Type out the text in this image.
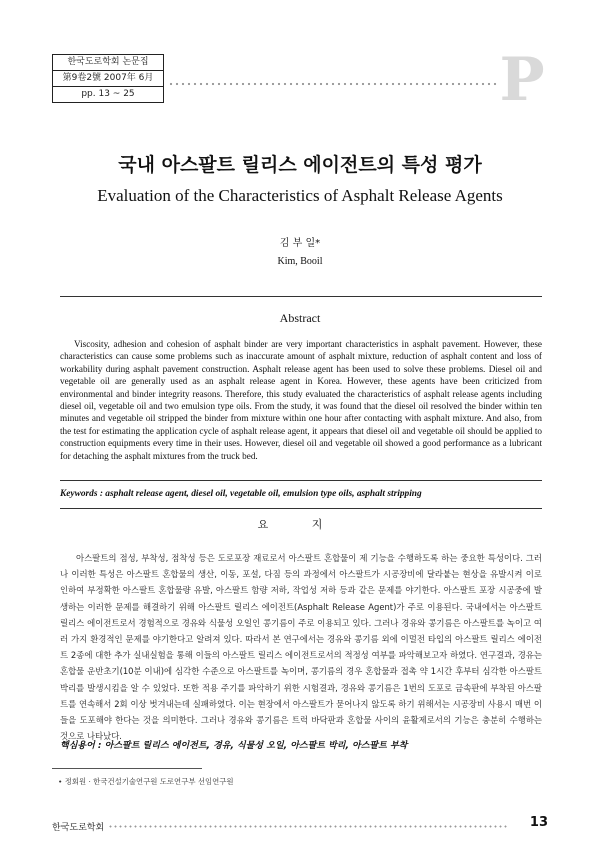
한국도로학회 논문집
第9卷2號 2007年 6月
pp. 13 ~ 25	P
국내 아스팔트 릴리스 에이전트의 특성 평가
Evaluation of the Characteristics of Asphalt Release Agents
김 부 일*
Kim, Booil
Abstract

Viscosity, adhesion and cohesion of asphalt binder are very important characteristics in asphalt pavement. However, these characteristics can cause some problems such as inaccurate amount of asphalt mixture, reduction of asphalt content and loss of workability during asphalt pavement construction. Asphalt release agent has been used to solve these problems. Diesel oil and vegetable oil are generally used as an asphalt release agent in Korea. However, these agents have been criticized from environmental and binder integrity reasons. Therefore, this study evaluated the characteristics of asphalt release agents including diesel oil, vegetable oil and two emulsion type oils. From the study, it was found that the diesel oil resolved the binder within ten minutes and vegetable oil stripped the binder from mixture within one hour after contacting with asphalt mixture. And also, from the test for estimating the application cycle of asphalt release agent, it appears that diesel oil and vegetable oil should be applied to construction equipments every time in their uses. However, diesel oil and vegetable oil showed a good performance as a lubricant for detaching the asphalt mixtures from the truck bed.

Keywords : asphalt release agent, diesel oil, vegetable oil, emulsion type oils, asphalt stripping
요 지

아스팔트의 점성, 부착성, 점착성 등은 도로포장 재료로서 아스팔트 혼합물이 제 기능을 수행하도록 하는 중요한 특성이다. 그러나 이러한 특성은 아스팔트 혼합물의 생산, 이동, 포설, 다짐 등의 과정에서 아스팔트가 시공장비에 달라붙는 현상을 유발시켜 이로 인하여 부정확한 아스팔트 혼합물량 유발, 아스팔트 함량 저하, 작업성 저하 등과 같은 문제를 야기한다. 아스팔트 포장 시공중에 발생하는 이러한 문제를 해결하기 위해 아스팔트 릴리스 에이전트(Asphalt Release Agent)가 주로 이용된다. 국내에서는 아스팔트 릴리스 에이전트로서 경험적으로 경유와 식물성 오일인 콩기름이 주로 이용되고 있다. 그러나 경유와 콩기름은 아스팔트를 녹이고 여러 가지 환경적인 문제를 야기한다고 알려져 있다. 따라서 본 연구에서는 경유와 콩기름 외에 이멀전 타입의 아스팔트 릴리스 에이전트 2종에 대한 추가 실내실험을 통해 이들의 아스팔트 릴리스 에이전트로서의 적정성 여부를 파악해보고자 하였다. 연구결과, 경유는 혼합물 운반초기(10분 이내)에 심각한 수준으로 아스팔트를 녹이며, 콩기름의 경우 혼합물과 접촉 약 1시간 후부터 심각한 아스팔트 박리를 발생시킴을 알 수 있었다. 또한 적용 주기를 파악하기 위한 시험결과, 경유와 콩기름은 1번의 도포로 금속판에 부착된 아스팔트를 연속해서 2회 이상 벗겨내는데 실패하였다. 이는 현장에서 아스팔트가 묻어나지 않도록 하기 위해서는 시공장비 사용시 매번 이들을 도포해야 한다는 것을 의미한다. 그러나 경유와 콩기름은 트럭 바닥판과 혼합물 사이의 윤활제로서의 기능은 충분히 수행하는 것으로 나타났다.

핵심용어 : 아스팔트 릴리스 에이전트, 경유, 식물성 오일, 아스팔트 박리, 아스팔트 부착
• 정회원 · 한국건설기술연구원 도로연구부 선임연구원
한국도로학회	13
